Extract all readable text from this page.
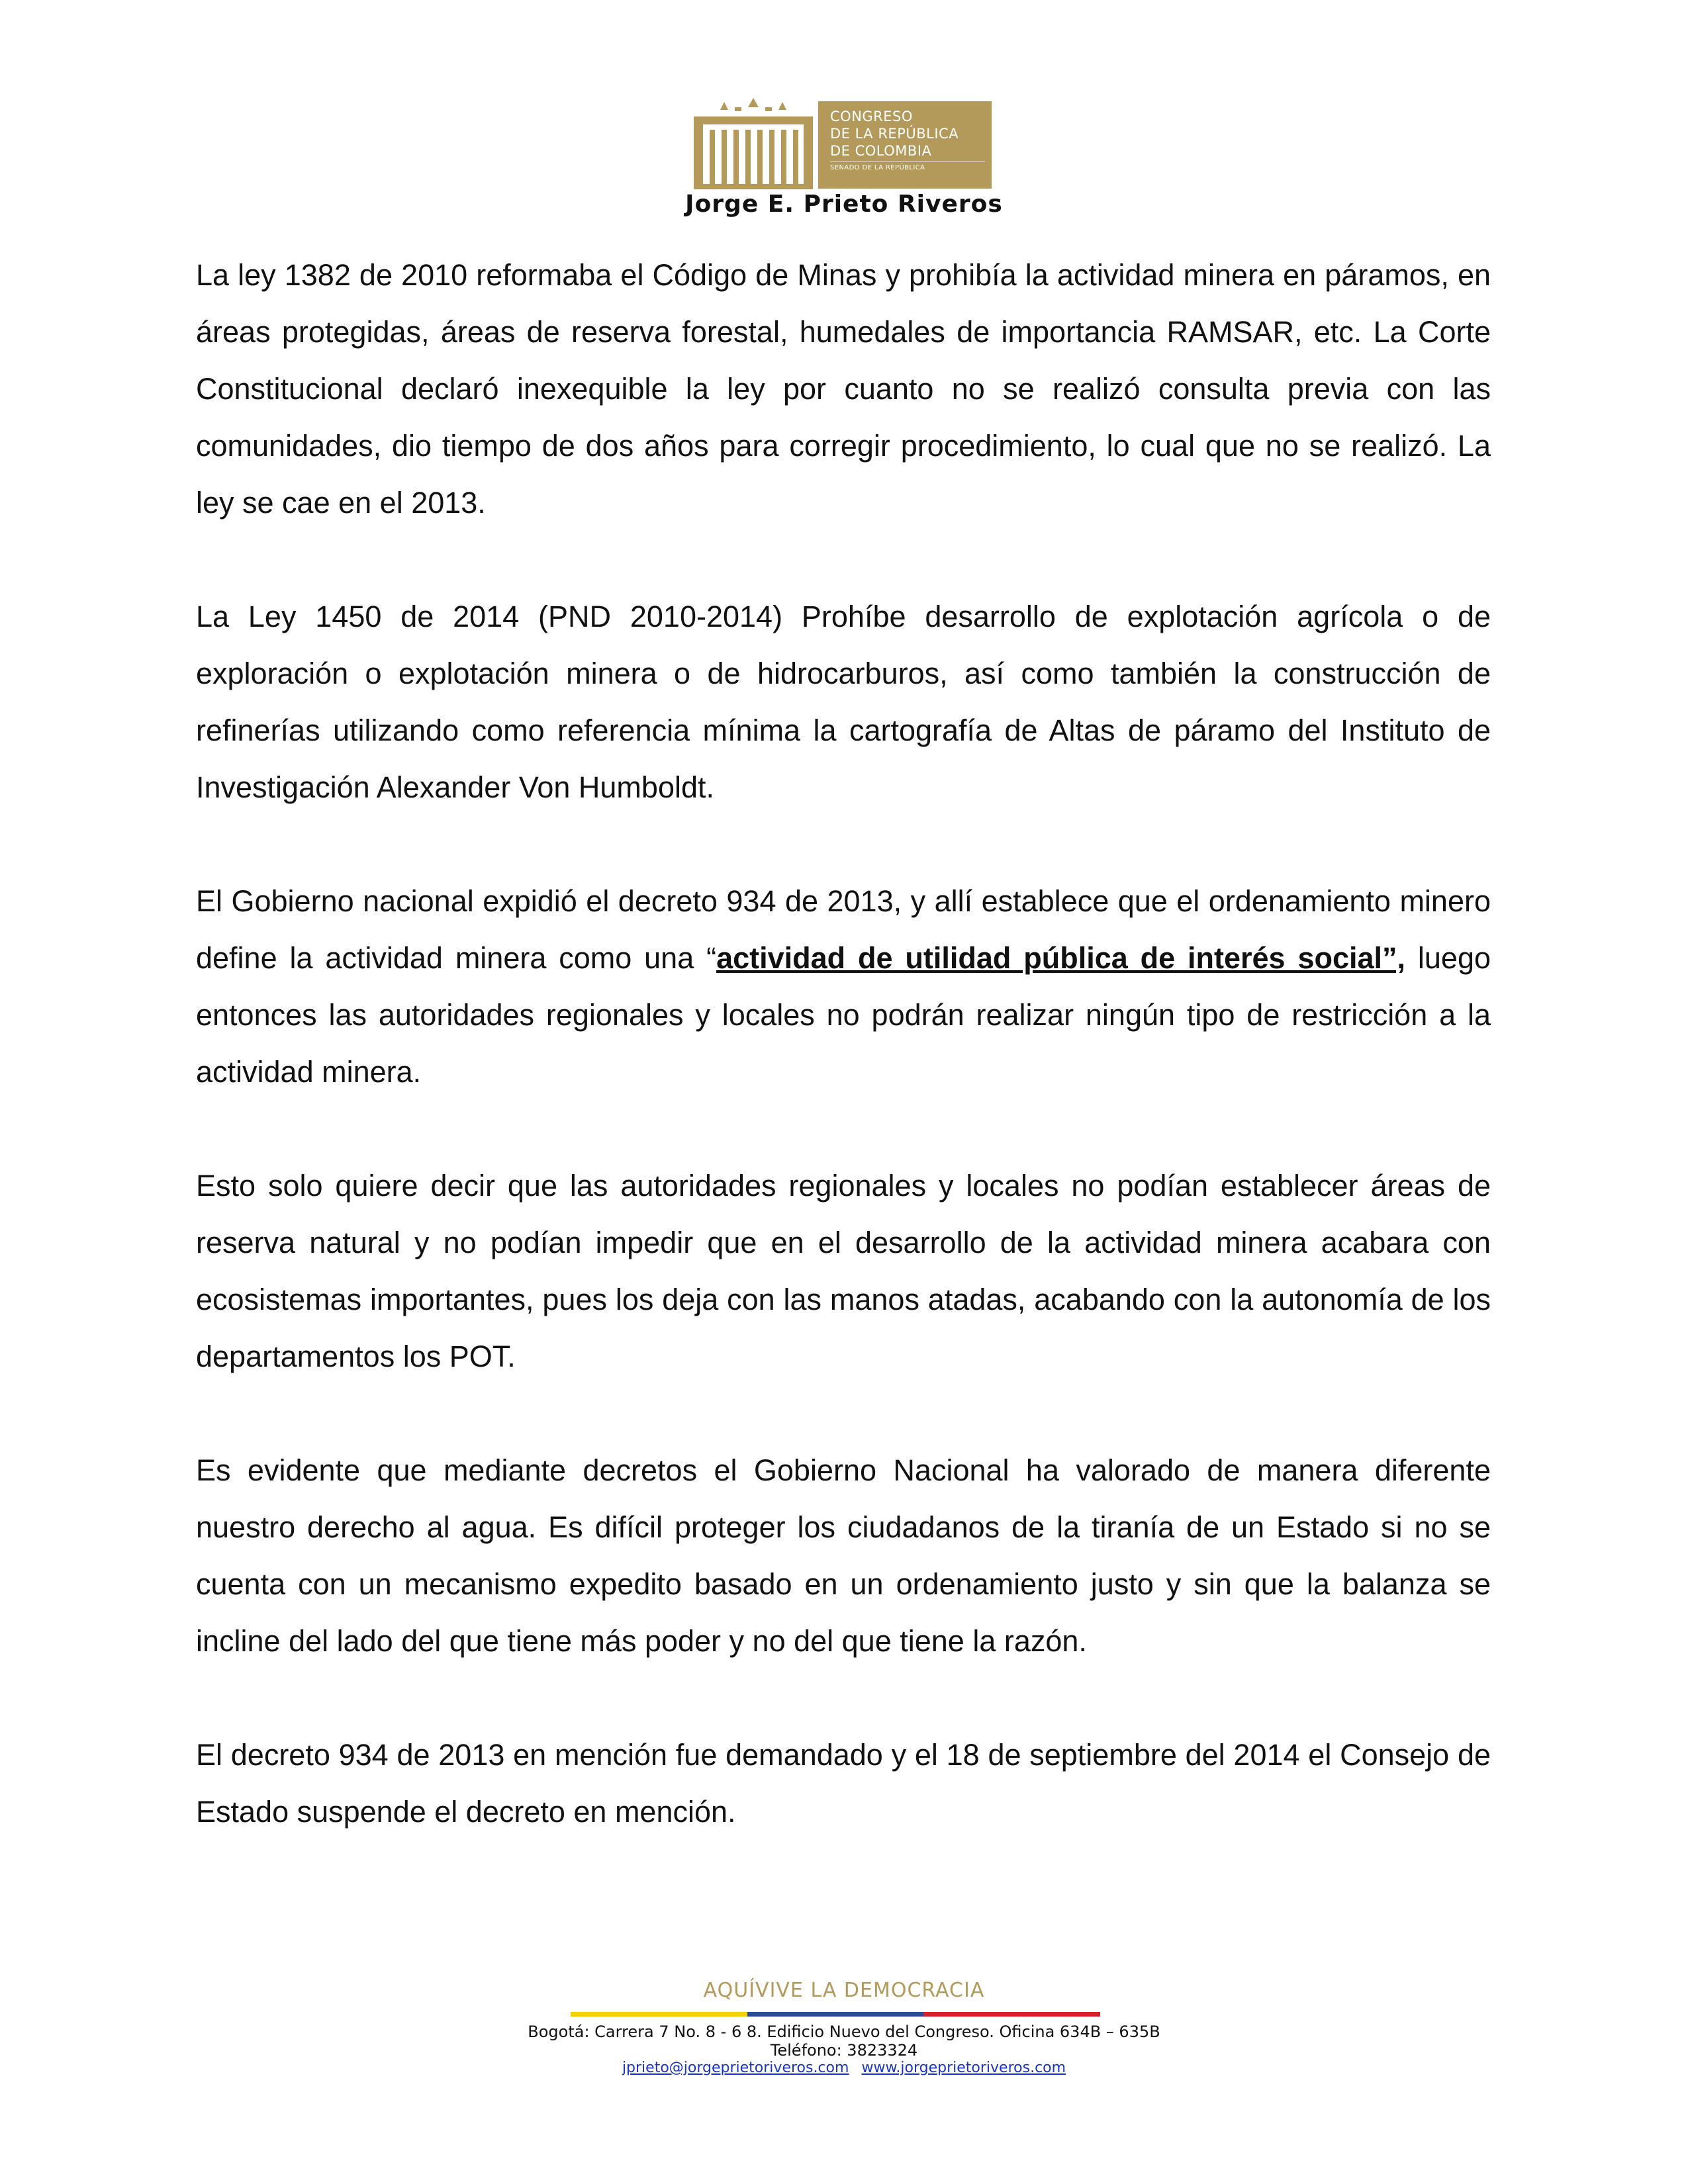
CONGRESO
DE LA REPÚBLICA
DE COLOMBIA
SENADO DE LA REPÚBLICA
Jorge E. Prieto Riveros

La ley 1382 de 2010 reformaba el Código de Minas y prohibía la actividad minera en páramos, en áreas protegidas, áreas de reserva forestal, humedales de importancia RAMSAR, etc. La Corte Constitucional declaró inexequible la ley por cuanto no se realizó consulta previa con las comunidades, dio tiempo de dos años para corregir procedimiento, lo cual que no se realizó. La ley se cae en el 2013.

La Ley 1450 de 2014 (PND 2010-2014) Prohíbe desarrollo de explotación agrícola o de exploración o explotación minera o de hidrocarburos, así como también la construcción de refinerías utilizando como referencia mínima la cartografía de Altas de páramo del Instituto de Investigación Alexander Von Humboldt.

El Gobierno nacional expidió el decreto 934 de 2013, y allí establece que el ordenamiento minero define la actividad minera como una “actividad de utilidad pública de interés social”, luego entonces las autoridades regionales y locales no podrán realizar ningún tipo de restricción a la actividad minera.

Esto solo quiere decir que las autoridades regionales y locales no podían establecer áreas de reserva natural y no podían impedir que en el desarrollo de la actividad minera acabara con ecosistemas importantes, pues los deja con las manos atadas, acabando con la autonomía de los departamentos los POT.

Es evidente que mediante decretos el Gobierno Nacional ha valorado de manera diferente nuestro derecho al agua. Es difícil proteger los ciudadanos de la tiranía de un Estado si no se cuenta con un mecanismo expedito basado en un ordenamiento justo y sin que la balanza se incline del lado del que tiene más poder y no del que tiene la razón.

El decreto 934 de 2013 en mención fue demandado y el 18 de septiembre del 2014 el Consejo de Estado suspende el decreto en mención.

AQUÍVIVE LA DEMOCRACIA
Bogotá: Carrera 7 No. 8 - 6 8. Edificio Nuevo del Congreso. Oficina 634B – 635B
Teléfono: 3823324
jprieto@jorgeprietoriveros.com www.jorgeprietoriveros.com
